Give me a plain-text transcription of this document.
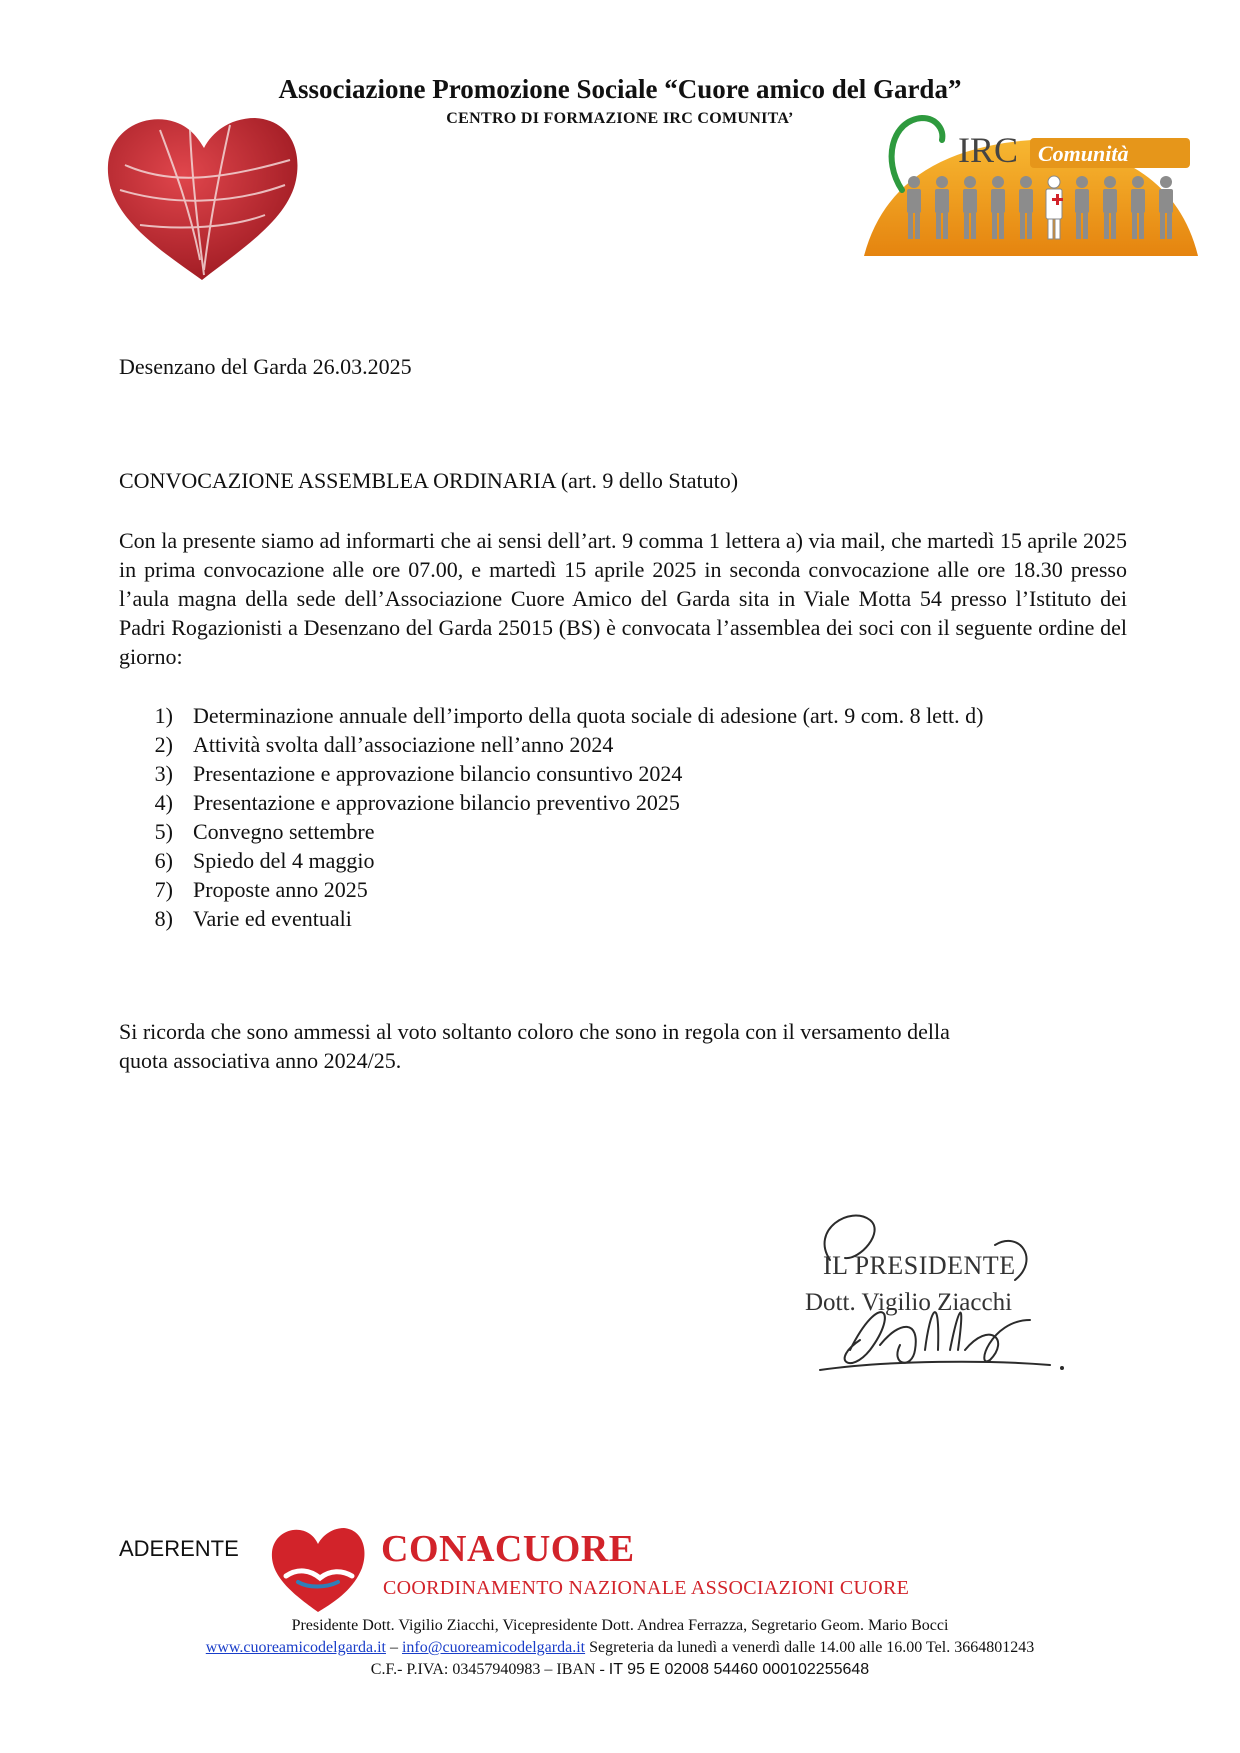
Associazione Promozione Sociale “Cuore amico del Garda”
CENTRO DI FORMAZIONE IRC COMUNITA’
IRC Comunità
Desenzano del Garda 26.03.2025
CONVOCAZIONE ASSEMBLEA ORDINARIA (art. 9 dello Statuto)
Con la presente siamo ad informarti che ai sensi dell’art. 9 comma 1 lettera a) via mail, che martedì 15 aprile 2025 in prima convocazione alle ore 07.00, e martedì 15 aprile 2025 in seconda convocazione alle ore 18.30 presso l’aula magna della sede dell’Associazione Cuore Amico del Garda sita in Viale Motta 54 presso l’Istituto dei Padri Rogazionisti a Desenzano del Garda 25015 (BS) è convocata l’assemblea dei soci con il seguente ordine del giorno:
1) Determinazione annuale dell’importo della quota sociale di adesione (art. 9 com. 8 lett. d)
2) Attività svolta dall’associazione nell’anno 2024
3) Presentazione e approvazione bilancio consuntivo 2024
4) Presentazione e approvazione bilancio preventivo 2025
5) Convegno settembre
6) Spiedo del 4 maggio
7) Proposte anno 2025
8) Varie ed eventuali
Si ricorda che sono ammessi al voto soltanto coloro che sono in regola con il versamento della
quota associativa anno 2024/25.
IL PRESIDENTE
Dott. Vigilio Ziacchi
ADERENTE	CONACUORE
COORDINAMENTO NAZIONALE ASSOCIAZIONI CUORE
Presidente Dott. Vigilio Ziacchi, Vicepresidente Dott. Andrea Ferrazza, Segretario Geom. Mario Bocci
www.cuoreamicodelgarda.it – info@cuoreamicodelgarda.it Segreteria da lunedì a venerdì dalle 14.00 alle 16.00 Tel. 3664801243
C.F.- P.IVA: 03457940983 – IBAN - IT 95 E 02008 54460 000102255648
